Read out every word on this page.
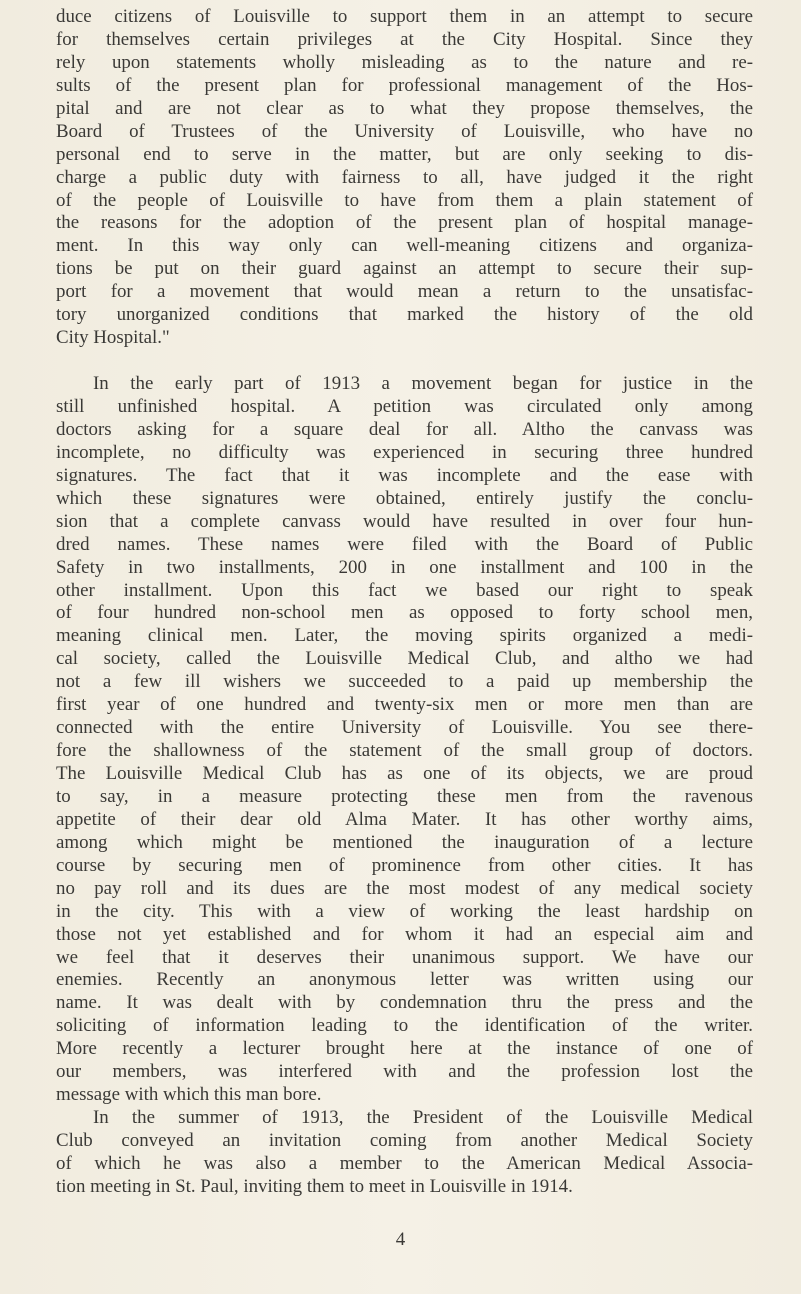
duce citizens of Louisville to support them in an attempt to secure
for themselves certain privileges at the City Hospital. Since they
rely upon statements wholly misleading as to the nature and re-
sults of the present plan for professional management of the Hos-
pital and are not clear as to what they propose themselves, the
Board of Trustees of the University of Louisville, who have no
personal end to serve in the matter, but are only seeking to dis-
charge a public duty with fairness to all, have judged it the right
of the people of Louisville to have from them a plain statement of
the reasons for the adoption of the present plan of hospital manage-
ment. In this way only can well-meaning citizens and organiza-
tions be put on their guard against an attempt to secure their sup-
port for a movement that would mean a return to the unsatisfac-
tory unorganized conditions that marked the history of the old
City Hospital."

In the early part of 1913 a movement began for justice in the
still unfinished hospital. A petition was circulated only among
doctors asking for a square deal for all. Altho the canvass was
incomplete, no difficulty was experienced in securing three hundred
signatures. The fact that it was incomplete and the ease with
which these signatures were obtained, entirely justify the conclu-
sion that a complete canvass would have resulted in over four hun-
dred names. These names were filed with the Board of Public
Safety in two installments, 200 in one installment and 100 in the
other installment. Upon this fact we based our right to speak
of four hundred non-school men as opposed to forty school men,
meaning clinical men. Later, the moving spirits organized a medi-
cal society, called the Louisville Medical Club, and altho we had
not a few ill wishers we succeeded to a paid up membership the
first year of one hundred and twenty-six men or more men than are
connected with the entire University of Louisville. You see there-
fore the shallowness of the statement of the small group of doctors.
The Louisville Medical Club has as one of its objects, we are proud
to say, in a measure protecting these men from the ravenous
appetite of their dear old Alma Mater. It has other worthy aims,
among which might be mentioned the inauguration of a lecture
course by securing men of prominence from other cities. It has
no pay roll and its dues are the most modest of any medical society
in the city. This with a view of working the least hardship on
those not yet established and for whom it had an especial aim and
we feel that it deserves their unanimous support. We have our
enemies. Recently an anonymous letter was written using our
name. It was dealt with by condemnation thru the press and the
soliciting of information leading to the identification of the writer.
More recently a lecturer brought here at the instance of one of
our members, was interfered with and the profession lost the
message with which this man bore.

In the summer of 1913, the President of the Louisville Medical
Club conveyed an invitation coming from another Medical Society
of which he was also a member to the American Medical Associa-
tion meeting in St. Paul, inviting them to meet in Louisville in 1914.

4
